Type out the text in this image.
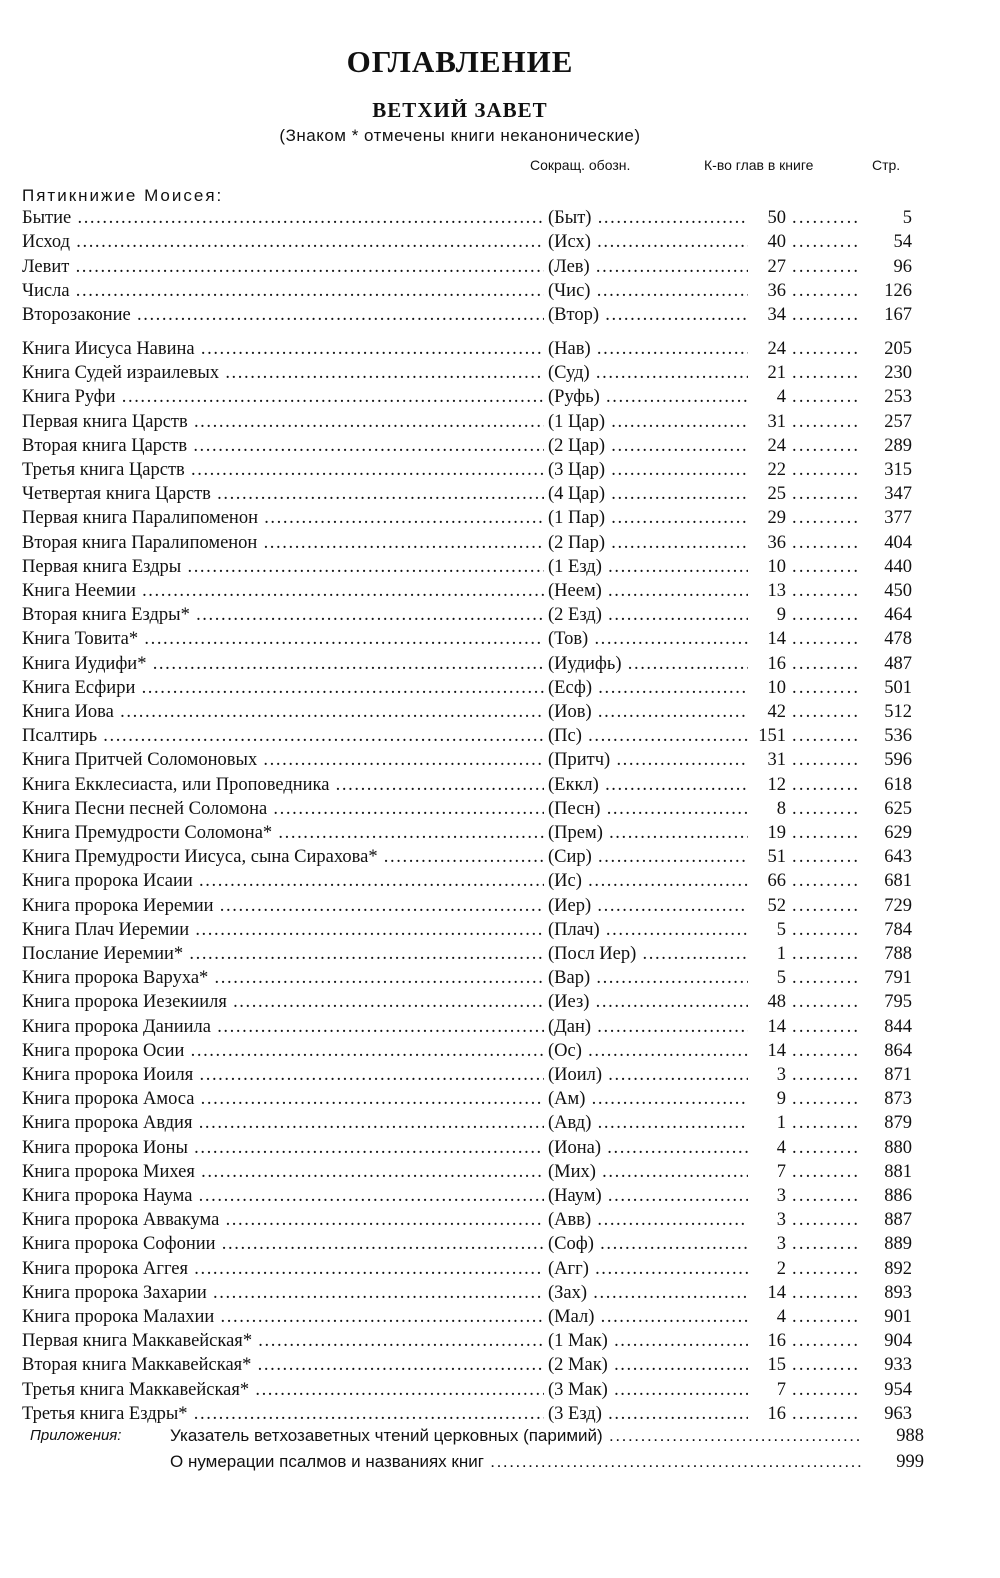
ОГЛАВЛЕНИЕ
ВЕТХИЙ ЗАВЕТ
(Знаком * отмечены книги неканонические)
Сокращ. обозн.	К-во глав в книге	Стр.
Пятикнижие Моисея:
Бытие .....	(Быт) .....	50 .....	5
Исход .....	(Исх) .....	40 .....	54
Левит .....	(Лев) .....	27 .....	96
Числа .....	(Чис) .....	36 .....	126
Второзаконие .....	(Втор) .....	34 .....	167
Книга Иисуса Навина .....	(Нав) .....	24 .....	205
Книга Судей израилевых .....	(Суд) .....	21 .....	230
Книга Руфи .....	(Руфь) .....	4 .....	253
Первая книга Царств .....	(1 Цар) .....	31 .....	257
Вторая книга Царств .....	(2 Цар) .....	24 .....	289
Третья книга Царств .....	(3 Цар) .....	22 .....	315
Четвертая книга Царств .....	(4 Цар) .....	25 .....	347
Первая книга Паралипоменон .....	(1 Пар) .....	29 .....	377
Вторая книга Паралипоменон .....	(2 Пар) .....	36 .....	404
Первая книга Ездры .....	(1 Езд) .....	10 .....	440
Книга Неемии .....	(Неем) .....	13 .....	450
Вторая книга Ездры* .....	(2 Езд) .....	9 .....	464
Книга Товита* .....	(Тов) .....	14 .....	478
Книга Иудифи* .....	(Иудифь) .....	16 .....	487
Книга Есфири .....	(Есф) .....	10 .....	501
Книга Иова .....	(Иов) .....	42 .....	512
Псалтирь .....	(Пс) .....	151 .....	536
Книга Притчей Соломоновых .....	(Притч) .....	31 .....	596
Книга Екклесиаста, или Проповедника .....	(Еккл) .....	12 .....	618
Книга Песни песней Соломона .....	(Песн) .....	8 .....	625
Книга Премудрости Соломона* .....	(Прем) .....	19 .....	629
Книга Премудрости Иисуса, сына Сирахова* .....	(Сир) .....	51 .....	643
Книга пророка Исаии .....	(Ис) .....	66 .....	681
Книга пророка Иеремии .....	(Иер) .....	52 .....	729
Книга Плач Иеремии .....	(Плач) .....	5 .....	784
Послание Иеремии* .....	(Посл Иер) .....	1 .....	788
Книга пророка Варуха* .....	(Вар) .....	5 .....	791
Книга пророка Иезекииля .....	(Иез) .....	48 .....	795
Книга пророка Даниила .....	(Дан) .....	14 .....	844
Книга пророка Осии .....	(Ос) .....	14 .....	864
Книга пророка Иоиля .....	(Иоил) .....	3 .....	871
Книга пророка Амоса .....	(Ам) .....	9 .....	873
Книга пророка Авдия .....	(Авд) .....	1 .....	879
Книга пророка Ионы .....	(Иона) .....	4 .....	880
Книга пророка Михея .....	(Мих) .....	7 .....	881
Книга пророка Наума .....	(Наум) .....	3 .....	886
Книга пророка Аввакума .....	(Авв) .....	3 .....	887
Книга пророка Софонии .....	(Соф) .....	3 .....	889
Книга пророка Аггея .....	(Агг) .....	2 .....	892
Книга пророка Захарии .....	(Зах) .....	14 .....	893
Книга пророка Малахии .....	(Мал) .....	4 .....	901
Первая книга Маккавейская* .....	(1 Мак) .....	16 .....	904
Вторая книга Маккавейская* .....	(2 Мак) .....	15 .....	933
Третья книга Маккавейская* .....	(3 Мак) .....	7 .....	954
Третья книга Ездры* .....	(3 Езд) .....	16 .....	963
Приложения:	Указатель ветхозаветных чтений церковных (паримий) .....	988
О нумерации псалмов и названиях книг .....	999
